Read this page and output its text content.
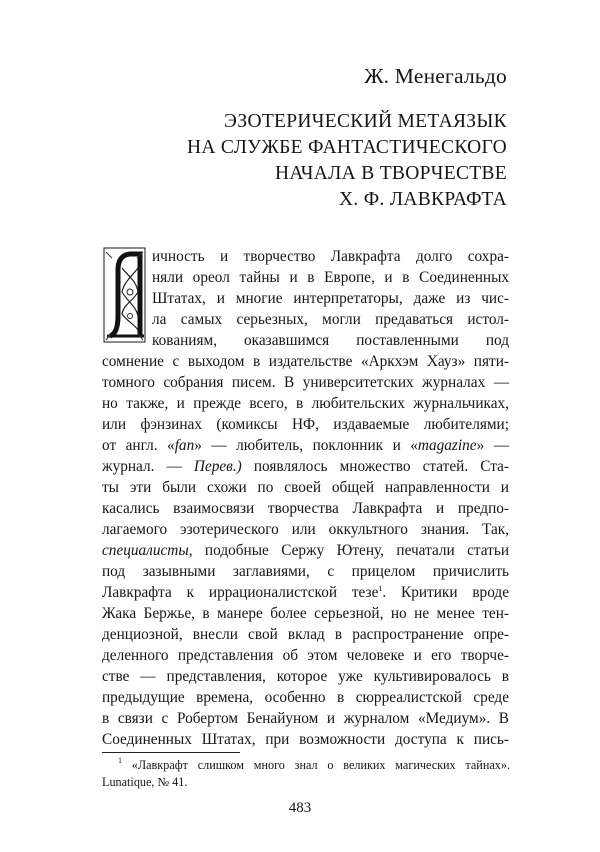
Ж. Менегальдо
ЭЗОТЕРИЧЕСКИЙ МЕТАЯЗЫК
НА СЛУЖБЕ ФАНТАСТИЧЕСКОГО
НАЧАЛА В ТВОРЧЕСТВЕ
Х. Ф. ЛАВКРАФТА
ичность и творчество Лавкрафта долго сохра-
няли ореол тайны и в Европе, и в Соединенных
Штатах, и многие интерпретаторы, даже из чис-
ла самых серьезных, могли предаваться истол-
кованиям, оказавшимся поставленными под
сомнение с выходом в издательстве «Аркхэм Хауз» пяти-
томного собрания писем. В университетских журналах —
но также, и прежде всего, в любительских журнальчиках,
или фэнзинах (комиксы НФ, издаваемые любителями;
от англ. «fan» — любитель, поклонник и «magazine» —
журнал. — Перев.) появлялось множество статей. Ста-
ты эти были схожи по своей общей направленности и
касались взаимосвязи творчества Лавкрафта и предпо-
лагаемого эзотерического или оккультного знания. Так,
специалисты, подобные Сержу Ютену, печатали статьи
под зазывными заглавиями, с прицелом причислить
Лавкрафта к иррационалистской тезе$^1$. Критики вроде
Жака Бержье, в манере более серьезной, но не менее тен-
денциозной, внесли свой вклад в распространение опре-
деленного представления об этом человеке и его творче-
стве — представления, которое уже культивировалось в
предыдущие времена, особенно в сюрреалистской среде
в связи с Робертом Бенайуном и журналом «Медиум». В
Соединенных Штатах, при возможности доступа к пись-
$^1$ «Лавкрафт слишком много знал о великих магических тайнах».
Lunatique, № 41.
483
